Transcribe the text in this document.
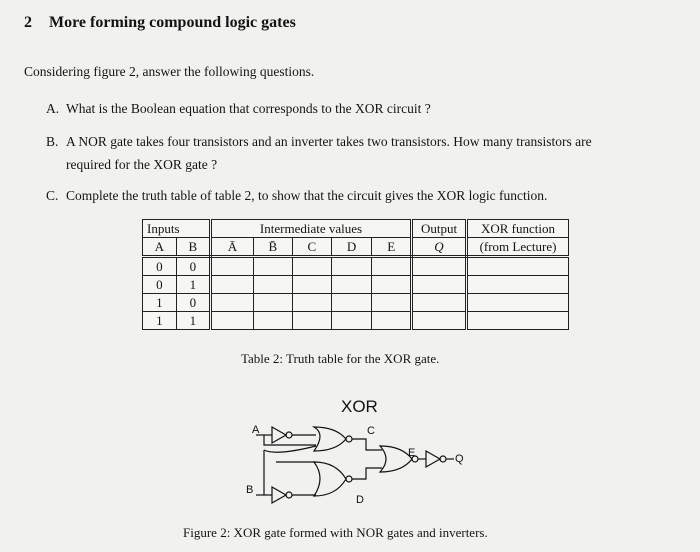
2 More forming compound logic gates
Considering figure 2, answer the following questions.
A. What is the Boolean equation that corresponds to the XOR circuit ?
B. A NOR gate takes four transistors and an inverter takes two transistors. How many transistors are
required for the XOR gate ?
C. Complete the truth table of table 2, to show that the circuit gives the XOR logic function.
Inputs		Intermediate values					Output	XOR function
A	B	Ā	B̄	C	D	E	Q	(from Lecture)
0	0							
0	1							
1	0							
1	1							
Table 2: Truth table for the XOR gate.
XOR
A	C
E	Q
B
D
Figure 2: XOR gate formed with NOR gates and inverters.
